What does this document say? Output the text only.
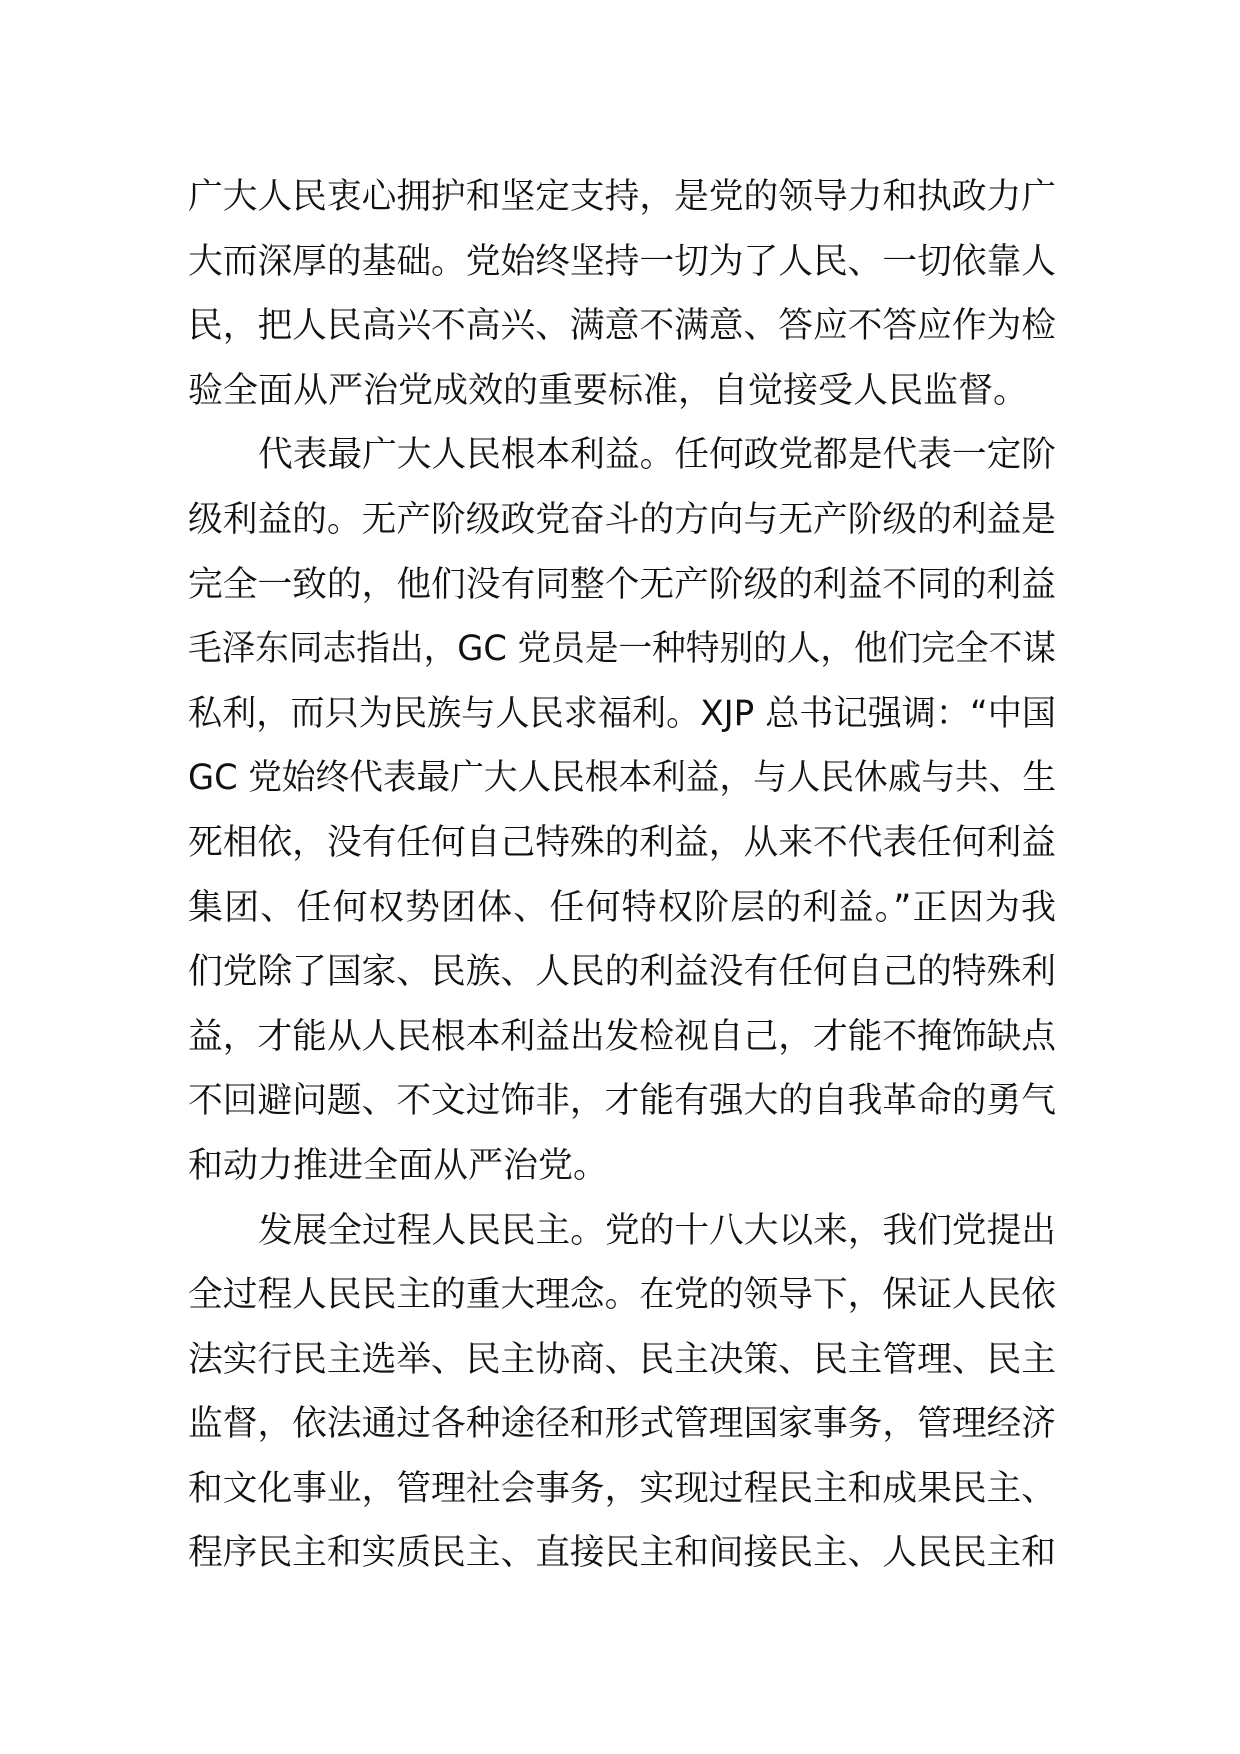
广大人民衷心拥护和坚定支持，是党的领导力和执政力广
大而深厚的基础。党始终坚持一切为了人民、一切依靠人
民，把人民高兴不高兴、满意不满意、答应不答应作为检
验全面从严治党成效的重要标准，自觉接受人民监督。
代表最广大人民根本利益。任何政党都是代表一定阶
级利益的。无产阶级政党奋斗的方向与无产阶级的利益是
完全一致的，他们没有同整个无产阶级的利益不同的利益
毛泽东同志指出，GC 党员是一种特别的人，他们完全不谋
私利，而只为民族与人民求福利。XJP 总书记强调：“中国
GC 党始终代表最广大人民根本利益，与人民休戚与共、生
死相依，没有任何自己特殊的利益，从来不代表任何利益
集团、任何权势团体、任何特权阶层的利益。”正因为我
们党除了国家、民族、人民的利益没有任何自己的特殊利
益，才能从人民根本利益出发检视自己，才能不掩饰缺点
不回避问题、不文过饰非，才能有强大的自我革命的勇气
和动力推进全面从严治党。
发展全过程人民民主。党的十八大以来，我们党提出
全过程人民民主的重大理念。在党的领导下，保证人民依
法实行民主选举、民主协商、民主决策、民主管理、民主
监督，依法通过各种途径和形式管理国家事务，管理经济
和文化事业，管理社会事务，实现过程民主和成果民主、
程序民主和实质民主、直接民主和间接民主、人民民主和
